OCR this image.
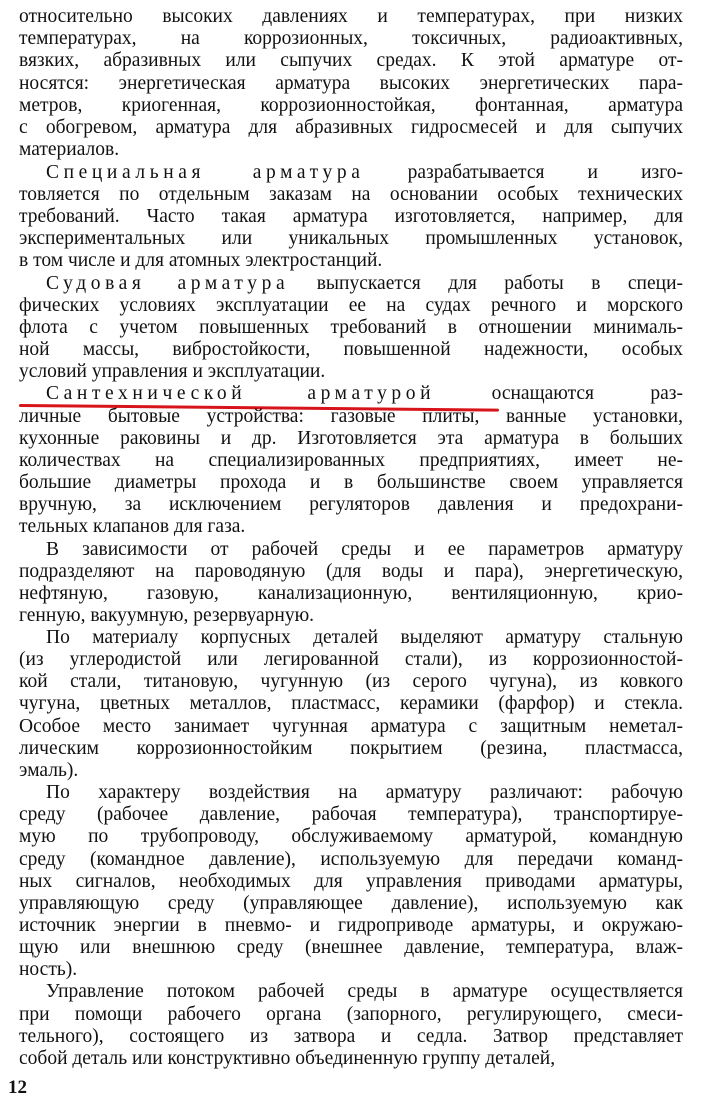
относительно высоких давлениях и температурах, при низких
температурах, на коррозионных, токсичных, радиоактивных,
вязких, абразивных или сыпучих средах. К этой арматуре от-
носятся: энергетическая арматура высоких энергетических пара-
метров, криогенная, коррозионностойкая, фонтанная, арматура
с обогревом, арматура для абразивных гидросмесей и для сыпучих
материалов.
Специальная арматура разрабатывается и изго-
товляется по отдельным заказам на основании особых технических
требований. Часто такая арматура изготовляется, например, для
экспериментальных или уникальных промышленных установок,
в том числе и для атомных электростанций.
Судовая арматура выпускается для работы в специ-
фических условиях эксплуатации ее на судах речного и морского
флота с учетом повышенных требований в отношении минималь-
ной массы, вибростойкости, повышенной надежности, особых
условий управления и эксплуатации.
Сантехнической арматурой оснащаются раз-
личные бытовые устройства: газовые плиты, ванные установки,
кухонные раковины и др. Изготовляется эта арматура в больших
количествах на специализированных предприятиях, имеет не-
большие диаметры прохода и в большинстве своем управляется
вручную, за исключением регуляторов давления и предохрани-
тельных клапанов для газа.
В зависимости от рабочей среды и ее параметров арматуру
подразделяют на пароводяную (для воды и пара), энергетическую,
нефтяную, газовую, канализационную, вентиляционную, крио-
генную, вакуумную, резервуарную.
По материалу корпусных деталей выделяют арматуру стальную
(из углеродистой или легированной стали), из коррозионностой-
кой стали, титановую, чугунную (из серого чугуна), из ковкого
чугуна, цветных металлов, пластмасс, керамики (фарфор) и стекла.
Особое место занимает чугунная арматура с защитным неметал-
лическим коррозионностойким покрытием (резина, пластмасса,
эмаль).
По характеру воздействия на арматуру различают: рабочую
среду (рабочее давление, рабочая температура), транспортируе-
мую по трубопроводу, обслуживаемому арматурой, командную
среду (командное давление), используемую для передачи команд-
ных сигналов, необходимых для управления приводами арматуры,
управляющую среду (управляющее давление), используемую как
источник энергии в пневмо- и гидроприводе арматуры, и окружаю-
щую или внешнюю среду (внешнее давление, температура, влаж-
ность).
Управление потоком рабочей среды в арматуре осуществляется
при помощи рабочего органа (запорного, регулирующего, смеси-
тельного), состоящего из затвора и седла. Затвор представляет
собой деталь или конструктивно объединенную группу деталей,
12
